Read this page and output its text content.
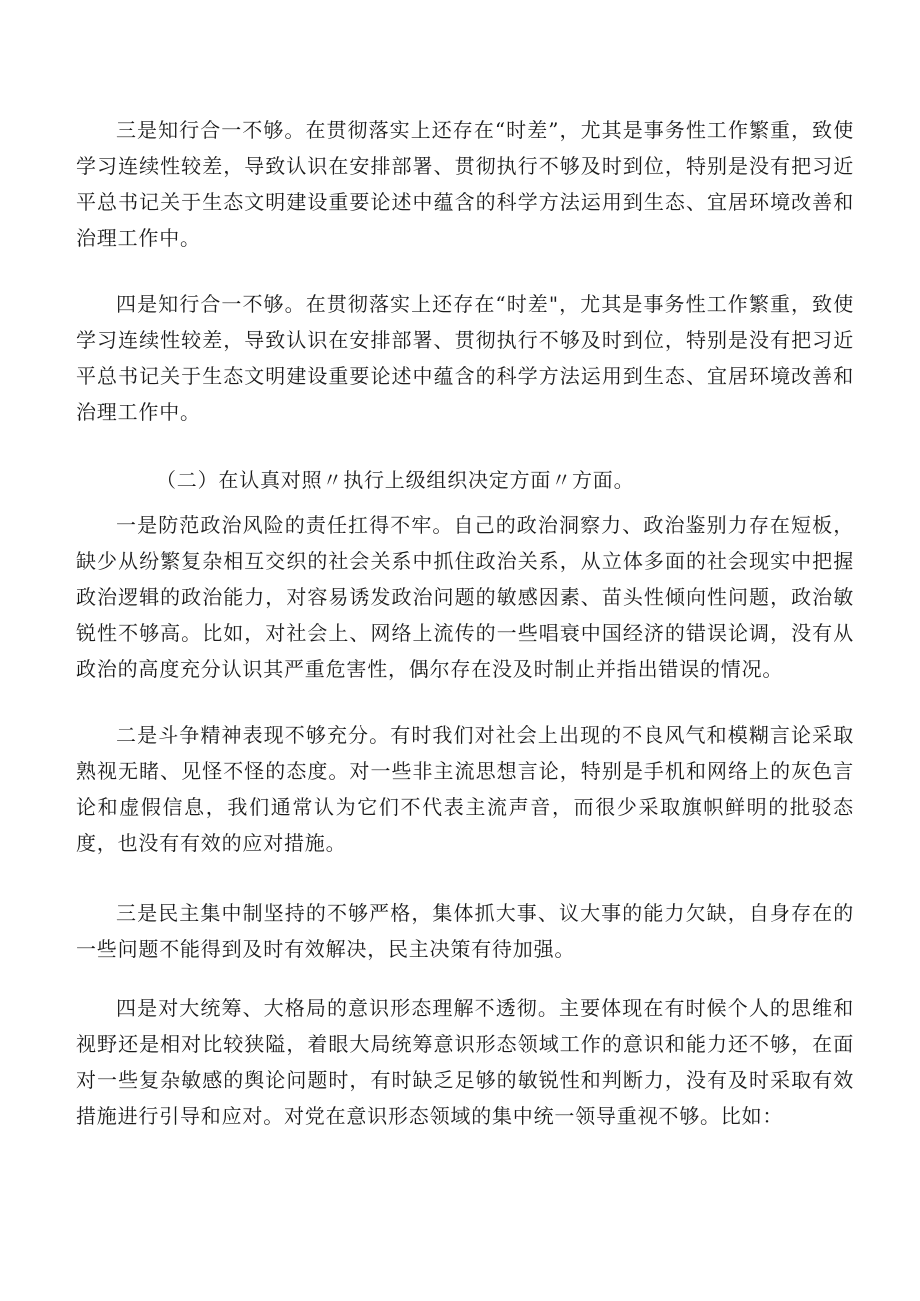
三是知行合一不够。在贯彻落实上还存在“时差”，尤其是事务性工作繁重，致使学习连续性较差，导致认识在安排部署、贯彻执行不够及时到位，特别是没有把习近平总书记关于生态文明建设重要论述中蕴含的科学方法运用到生态、宜居环境改善和治理工作中。

四是知行合一不够。在贯彻落实上还存在“时差"，尤其是事务性工作繁重，致使学习连续性较差，导致认识在安排部署、贯彻执行不够及时到位，特别是没有把习近平总书记关于生态文明建设重要论述中蕴含的科学方法运用到生态、宜居环境改善和治理工作中。

（二）在认真对照〃执行上级组织决定方面〃方面。

一是防范政治风险的责任扛得不牢。自己的政治洞察力、政治鉴别力存在短板，缺少从纷繁复杂相互交织的社会关系中抓住政治关系，从立体多面的社会现实中把握政治逻辑的政治能力，对容易诱发政治问题的敏感因素、苗头性倾向性问题，政治敏锐性不够高。比如，对社会上、网络上流传的一些唱衰中国经济的错误论调，没有从政治的高度充分认识其严重危害性，偶尔存在没及时制止并指出错误的情况。

二是斗争精神表现不够充分。有时我们对社会上出现的不良风气和模糊言论采取熟视无睹、见怪不怪的态度。对一些非主流思想言论，特别是手机和网络上的灰色言论和虚假信息，我们通常认为它们不代表主流声音，而很少采取旗帜鲜明的批驳态度，也没有有效的应对措施。

三是民主集中制坚持的不够严格，集体抓大事、议大事的能力欠缺，自身存在的一些问题不能得到及时有效解决，民主决策有待加强。

四是对大统筹、大格局的意识形态理解不透彻。主要体现在有时候个人的思维和视野还是相对比较狭隘，着眼大局统筹意识形态领域工作的意识和能力还不够，在面对一些复杂敏感的舆论问题时，有时缺乏足够的敏锐性和判断力，没有及时采取有效措施进行引导和应对。对党在意识形态领域的集中统一领导重视不够。比如：
